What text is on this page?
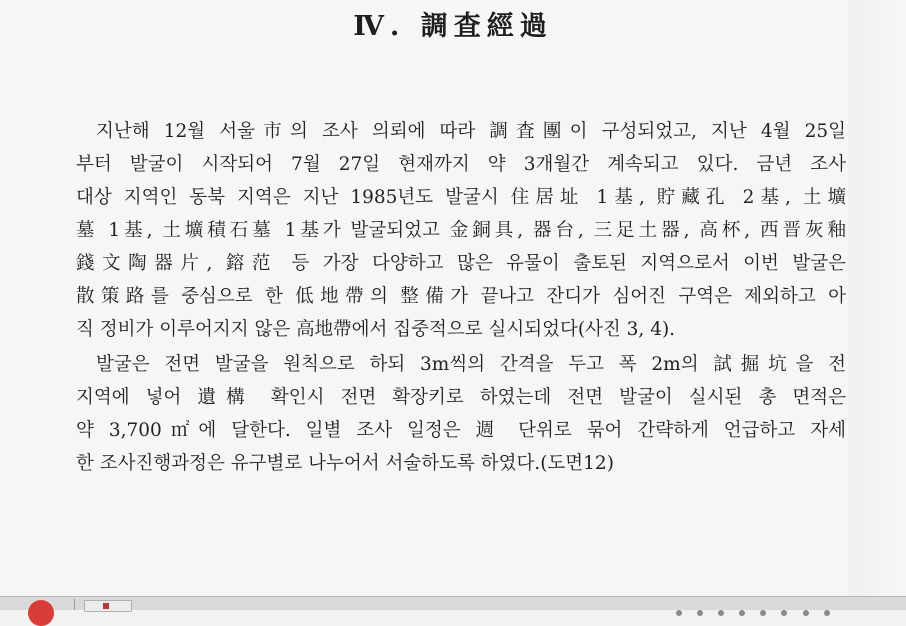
Ⅳ. 調査經過
지난해 12월 서울市의 조사 의뢰에 따라 調査團이 구성되었고, 지난 4월 25일
부터 발굴이 시작되어 7월 27일 현재까지 약 3개월간 계속되고 있다. 금년 조사
대상 지역인 동북 지역은 지난 1985년도 발굴시 住居址 1基, 貯藏孔 2基, 土壙
墓 1基, 土壙積石墓 1基가 발굴되었고 金銅具, 器台, 三足土器, 高杯, 西晋灰釉
錢文陶器片, 鎔范 등 가장 다양하고 많은 유물이 출토된 지역으로서 이번 발굴은
散策路를 중심으로 한 低地帶의 整備가 끝나고 잔디가 심어진 구역은 제외하고 아
직 정비가 이루어지지 않은 高地帶에서 집중적으로 실시되었다(사진 3, 4).
발굴은 전면 발굴을 원칙으로 하되 3m씩의 간격을 두고 폭 2m의 試掘坑을 전
지역에 넣어 遺構 확인시 전면 확장키로 하였는데 전면 발굴이 실시된 총 면적은
약 3,700㎡에 달한다. 일별 조사 일정은 週 단위로 묶어 간략하게 언급하고 자세
한 조사진행과정은 유구별로 나누어서 서술하도록 하였다.(도면12)
